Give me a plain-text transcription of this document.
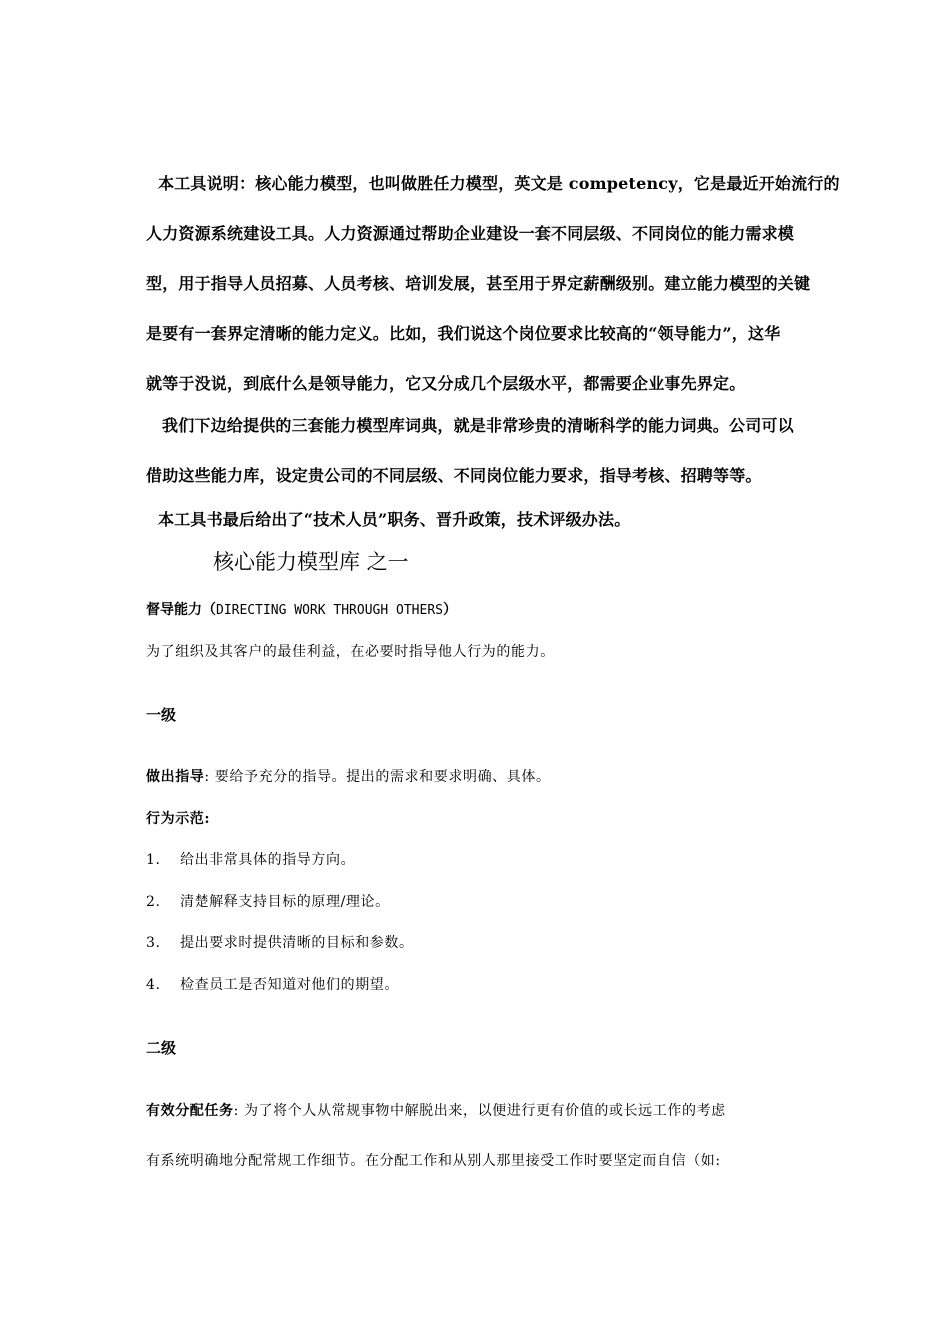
本工具说明：核心能力模型，也叫做胜任力模型，英文是 competency，它是最近开始流行的
人力资源系统建设工具。人力资源通过帮助企业建设一套不同层级、不同岗位的能力需求模
型，用于指导人员招募、人员考核、培训发展，甚至用于界定薪酬级别。建立能力模型的关键
是要有一套界定清晰的能力定义。比如，我们说这个岗位要求比较高的“领导能力”，这华
就等于没说，到底什么是领导能力，它又分成几个层级水平，都需要企业事先界定。
我们下边给提供的三套能力模型库词典，就是非常珍贵的清晰科学的能力词典。公司可以
借助这些能力库，设定贵公司的不同层级、不同岗位能力要求，指导考核、招聘等等。
本工具书最后给出了“技术人员”职务、晋升政策，技术评级办法。
核心能力模型库 之一
督导能力（DIRECTING WORK THROUGH OTHERS）
为了组织及其客户的最佳利益，在必要时指导他人行为的能力。
一级
做出指导: 要给予充分的指导。提出的需求和要求明确、具体。
行为示范:
1. 给出非常具体的指导方向。
2. 清楚解释支持目标的原理/理论。
3. 提出要求时提供清晰的目标和参数。
4. 检查员工是否知道对他们的期望。
二级
有效分配任务: 为了将个人从常规事物中解脱出来，以便进行更有价值的或长远工作的考虑
有系统明确地分配常规工作细节。在分配工作和从别人那里接受工作时要坚定而自信（如:
